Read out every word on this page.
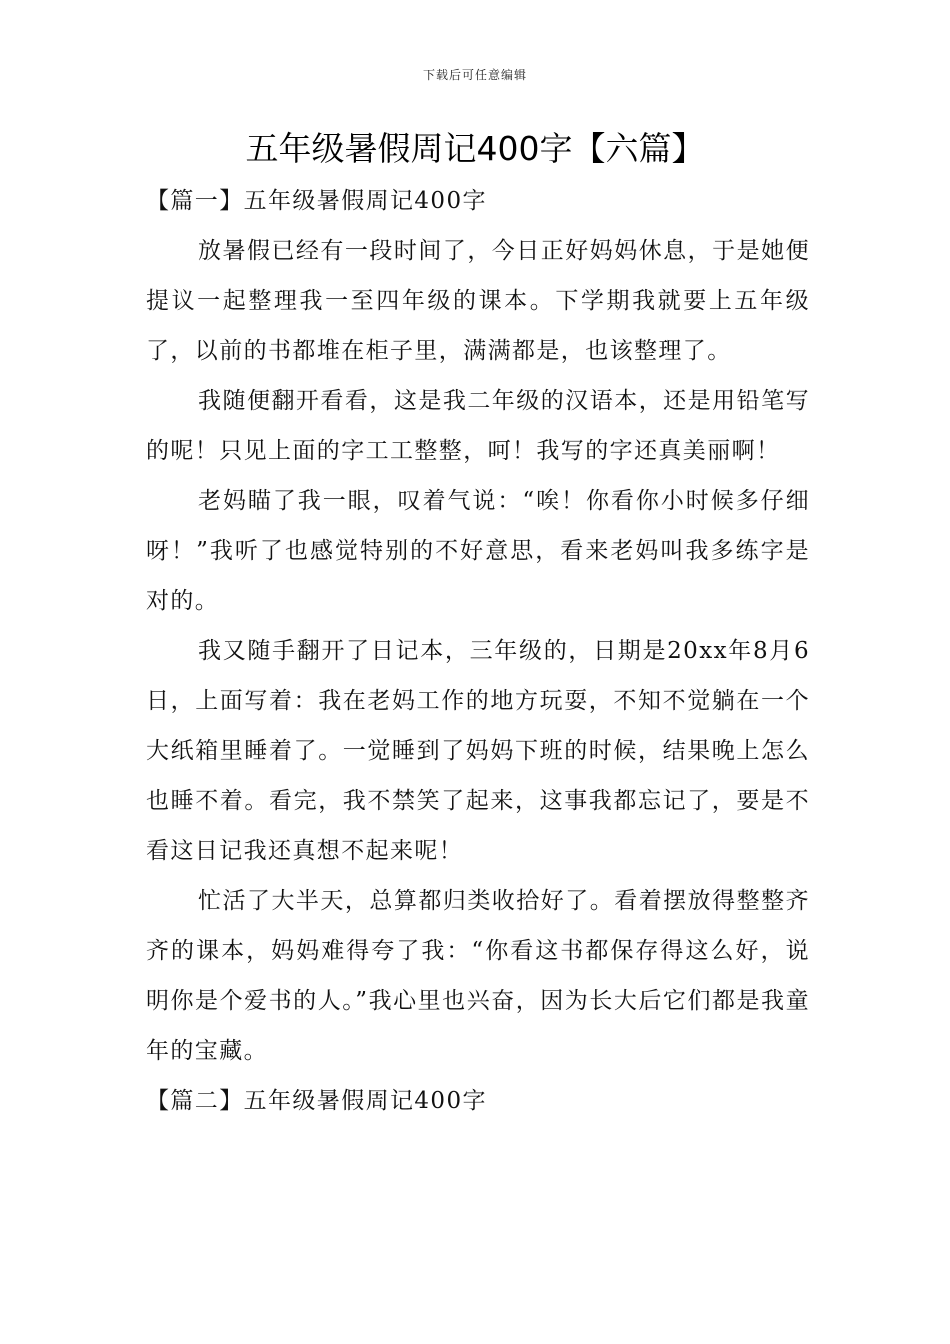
下载后可任意编辑
五年级暑假周记400字【六篇】

【篇一】五年级暑假周记400字

放暑假已经有一段时间了，今日正好妈妈休息，于是她便提议一起整理我一至四年级的课本。下学期我就要上五年级了，以前的书都堆在柜子里，满满都是，也该整理了。

我随便翻开看看，这是我二年级的汉语本，还是用铅笔写的呢！只见上面的字工工整整，呵！我写的字还真美丽啊！

老妈瞄了我一眼，叹着气说：“唉！你看你小时候多仔细呀！”我听了也感觉特别的不好意思，看来老妈叫我多练字是对的。

我又随手翻开了日记本，三年级的，日期是20xx年8月6日，上面写着：我在老妈工作的地方玩耍，不知不觉躺在一个大纸箱里睡着了。一觉睡到了妈妈下班的时候，结果晚上怎么也睡不着。看完，我不禁笑了起来，这事我都忘记了，要是不看这日记我还真想不起来呢！

忙活了大半天，总算都归类收拾好了。看着摆放得整整齐齐的课本，妈妈难得夸了我：“你看这书都保存得这么好，说明你是个爱书的人。”我心里也兴奋，因为长大后它们都是我童年的宝藏。

【篇二】五年级暑假周记400字
